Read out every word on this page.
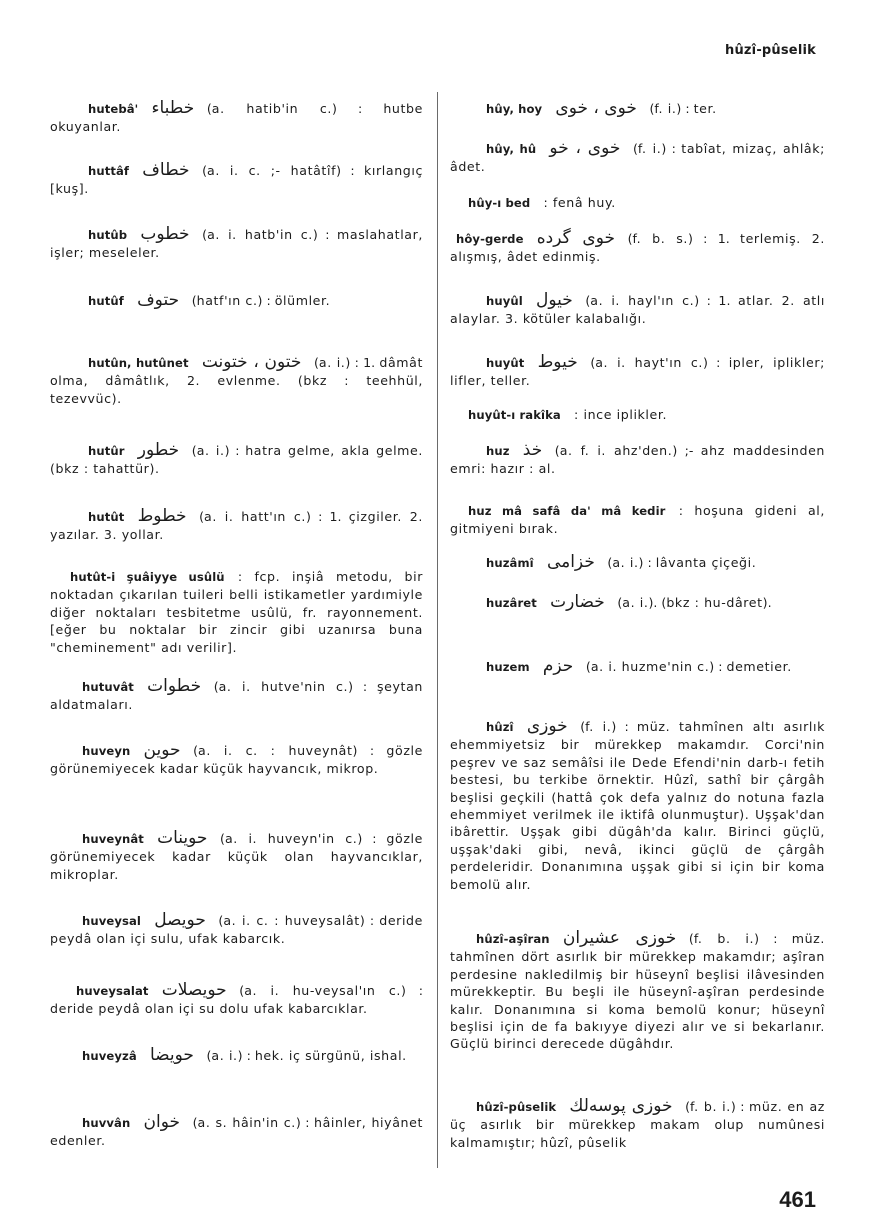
hûzî-pûselik
hutebâ'  خطباء  (a. hatib'in c.) : hutbe okuyanlar.
huttâf  خطاف  (a. i. c. ;- hatâtîf) : kırlangıç [kuş].
hutûb  خطوب  (a. i. hatb'in c.) : maslahatlar, işler; meseleler.
hutûf  حتوف  (hatf'ın c.) : ölümler.
hutûn, hutûnet  ختون ، ختونت  (a. i.) : 1. dâmât olma, dâmâtlık, 2. evlenme. (bkz : teehhül, tezevvüc).
hutûr  خطور  (a. i.) : hatra gelme, akla gelme. (bkz : tahattür).
hutût  خطوط  (a. i. hatt'ın c.) : 1. çizgiler. 2. yazılar. 3. yollar.
hutût-i şuâiyye usûlü  : fcp. inşiâ metodu, bir noktadan çıkarılan tuileri belli istikametler yardımiyle diğer noktaları tesbitetme usûlü, fr. rayonnement. [eğer bu noktalar bir zincir gibi uzanırsa buna "cheminement" adı verilir].
hutuvât  خطوات  (a. i. hutve'nin c.) : şeytan aldatmaları.
huveyn  حوين  (a. i. c. : huveynât) : gözle görünemiyecek kadar küçük hayvancık, mikrop.
huveynât  حوينات  (a. i. huveyn'in c.) : gözle görünemiyecek kadar küçük olan hayvancıklar, mikroplar.
huveysal  حويصل  (a. i. c. : huveysalât) : deride peydâ olan içi sulu, ufak kabarcık.
huveysalat  حويصلات  (a. i. hu-veysal'ın c.) : deride peydâ olan içi su dolu ufak kabarcıklar.
huveyzâ  حويضا  (a. i.) : hek. iç sürgünü, ishal.
huvvân  خوان  (a. s. hâin'in c.) : hâinler, hiyânet edenler.
hûy, hoy  خوى ، خوى  (f. i.) : ter.
hûy, hû  خوى ، خو  (f. i.) : tabîat, mizaç, ahlâk; âdet.
hûy-ı bed  : fenâ huy.
hôy-gerde  خوى گرده  (f. b. s.) : 1. terlemiş. 2. alışmış, âdet edinmiş.
huyûl  خيول  (a. i. hayl'ın c.) : 1. atlar. 2. atlı alaylar. 3. kötüler kalabalığı.
huyût  خيوط  (a. i. hayt'ın c.) : ipler, iplikler; lifler, teller.
huyût-ı rakîka  : ince iplikler.
huz  خذ  (a. f. i. ahz'den.) ;- ahz maddesinden emri: hazır : al.
huz mâ safâ da' mâ kedir  : hoşuna gideni al, gitmiyeni bırak.
huzâmî  خزامى  (a. i.) : lâvanta çiçeği.
huzâret  خضارت  (a. i.). (bkz : hu-dâret).
huzem  حزم  (a. i. huzme'nin c.) : demetier.
hûzî  خوزى  (f. i.) : müz. tahmînen altı asırlık ehemmiyetsiz bir mürekkep makamdır. Corci'nin peşrev ve saz semâîsi ile Dede Efendi'nin darb-ı fetih bestesi, bu terkibe örnektir. Hûzî, sathî bir çârgâh beşlisi geçkili (hattâ çok defa yalnız do notuna fazla ehemmiyet verilmek ile iktifâ olunmuştur). Uşşak'dan ibârettir. Uşşak gibi dügâh'da kalır. Birinci güçlü, uşşak'daki gibi, nevâ, ikinci güçlü de çârgâh perdeleridir. Donanımına uşşak gibi si için bir koma bemolü alır.
hûzî-aşîran  خوزى عشيران  (f. b. i.) : müz. tahmînen dört asırlık bir mürekkep makamdır; aşîran perdesine nakledilmiş bir hüseynî beşlisi ilâvesinden mürekkeptir. Bu beşli ile hüseynî-aşîran perdesinde kalır. Donanımına si koma bemolü konur; hüseynî beşlisi için de fa bakıyye diyezi alır ve si bekarlanır. Güçlü birinci derecede dügâhdır.
hûzî-pûselik  خوزى پوسه‌لك  (f. b. i.) : müz. en az üç asırlık bir mürekkep makam olup numûnesi kalmamıştır; hûzî, pûselik
461
